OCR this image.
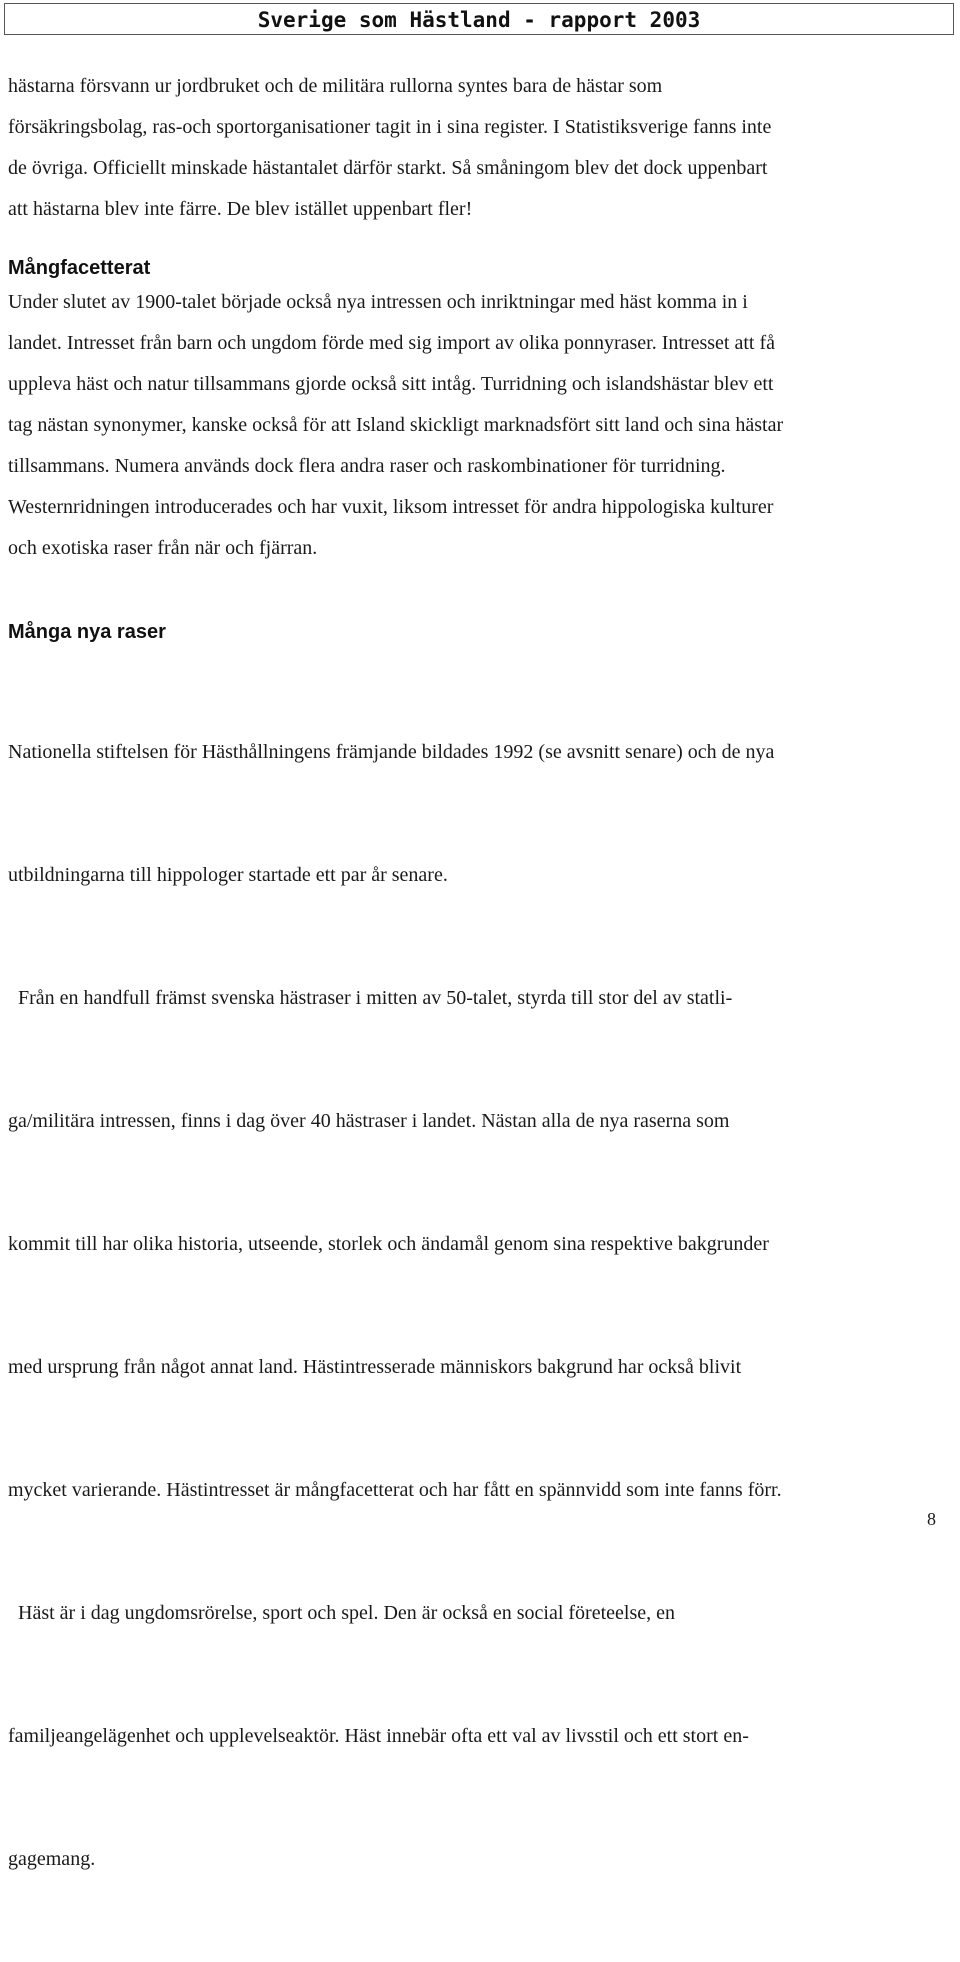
Sverige som Hästland - rapport 2003
hästarna försvann ur jordbruket och de militära rullorna syntes bara de hästar som
försäkringsbolag, ras-och sportorganisationer tagit in i sina register. I Statistiksverige fanns inte
de övriga. Officiellt minskade hästantalet därför starkt. Så småningom blev det dock uppenbart
att hästarna blev inte färre. De blev istället uppenbart fler!
Mångfacetterat
Under slutet av 1900-talet började också nya intressen och inriktningar med häst komma in i
landet. Intresset från barn och ungdom förde med sig import av olika ponnyraser. Intresset att få
uppleva häst och natur tillsammans gjorde också sitt intåg. Turridning och islandshästar blev ett
tag nästan synonymer, kanske också för att Island skickligt marknadsfört sitt land och sina hästar
tillsammans. Numera används dock flera andra raser och raskombinationer för turridning.
Westernridningen introducerades och har vuxit, liksom intresset för andra hippologiska kulturer
och exotiska raser från när och fjärran.
Många nya raser

Nationella stiftelsen för Hästhållningens främjande bildades 1992 (se avsnitt senare) och de nya

utbildningarna till hippologer startade ett par år senare.

Från en handfull främst svenska hästraser i mitten av 50-talet, styrda till stor del av statli-

ga/militära intressen, finns i dag över 40 hästraser i landet. Nästan alla de nya raserna som

kommit till har olika historia, utseende, storlek och ändamål genom sina respektive bakgrunder

med ursprung från något annat land. Hästintresserade människors bakgrund har också blivit

mycket varierande. Hästintresset är mångfacetterat och har fått en spännvidd som inte fanns förr.

Häst är i dag ungdomsrörelse, sport och spel. Den är också en social företeelse, en

familjeangelägenhet och upplevelseaktör. Häst innebär ofta ett val av livsstil och ett stort en-

gagemang.

8
